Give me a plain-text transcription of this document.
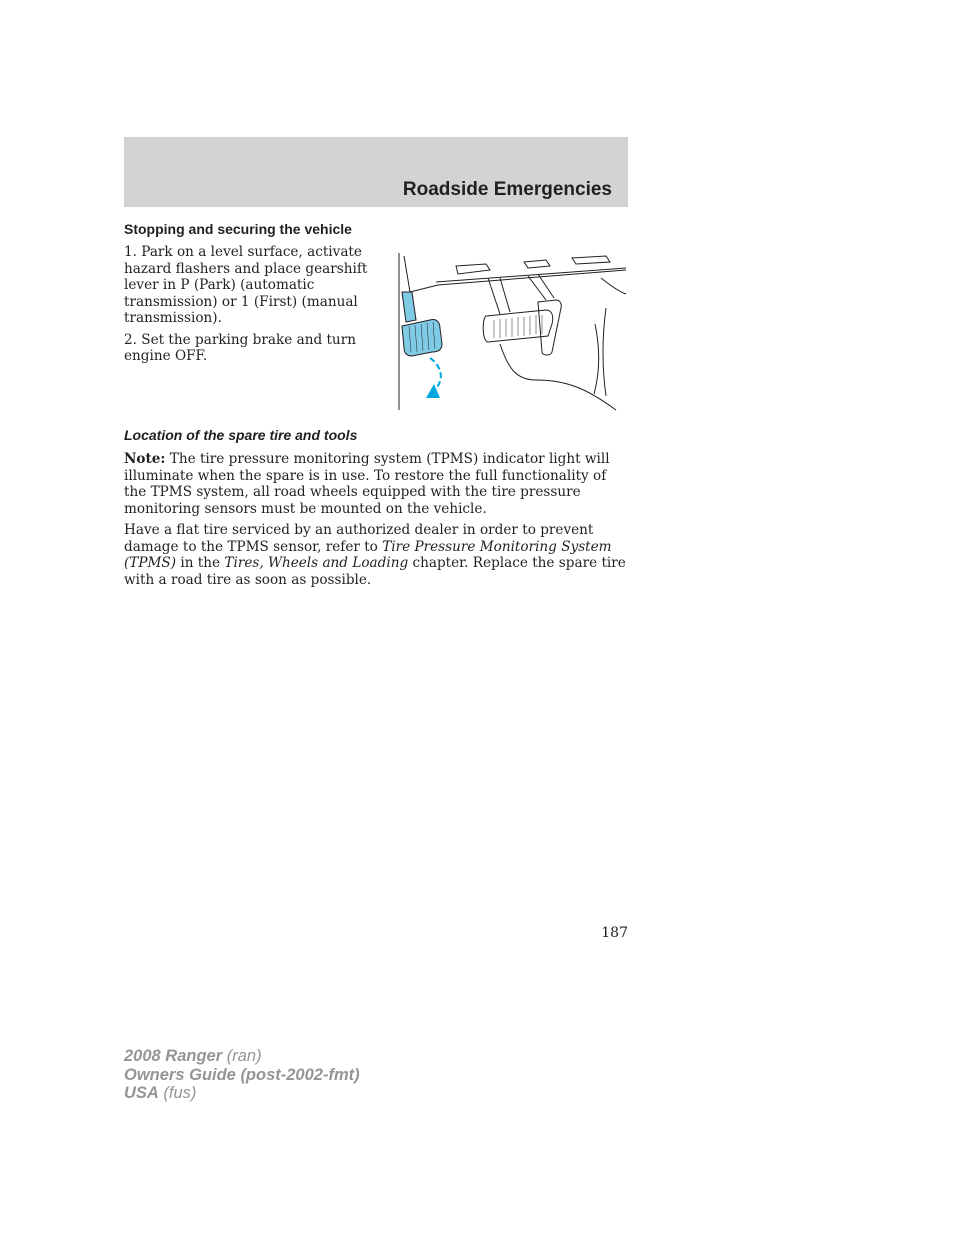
Roadside Emergencies
Stopping and securing the vehicle

1. Park on a level surface, activate hazard flashers and place gearshift lever in P (Park) (automatic transmission) or 1 (First) (manual transmission).

2. Set the parking brake and turn engine OFF.

Location of the spare tire and tools

Note: The tire pressure monitoring system (TPMS) indicator light will illuminate when the spare is in use. To restore the full functionality of the TPMS system, all road wheels equipped with the tire pressure monitoring sensors must be mounted on the vehicle.

Have a flat tire serviced by an authorized dealer in order to prevent damage to the TPMS sensor, refer to Tire Pressure Monitoring System (TPMS) in the Tires, Wheels and Loading chapter. Replace the spare tire with a road tire as soon as possible.

187
2008 Ranger (ran)
Owners Guide (post-2002-fmt)
USA (fus)
